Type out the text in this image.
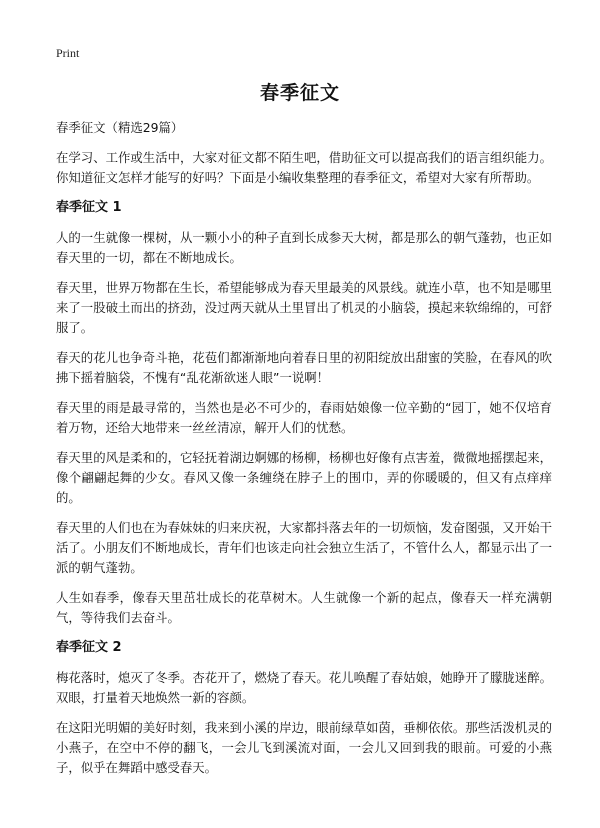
Print
春季征文

春季征文（精选29篇）

在学习、工作或生活中，大家对征文都不陌生吧，借助征文可以提高我们的语言组织能力。你知道征文怎样才能写的好吗？下面是小编收集整理的春季征文，希望对大家有所帮助。

春季征文 1

人的一生就像一棵树，从一颗小小的种子直到长成参天大树，都是那么的朝气蓬勃，也正如春天里的一切，都在不断地成长。

春天里，世界万物都在生长，希望能够成为春天里最美的风景线。就连小草，也不知是哪里来了一股破土而出的挤劲，没过两天就从土里冒出了机灵的小脑袋，摸起来软绵绵的，可舒服了。

春天的花儿也争奇斗艳，花苞们都渐渐地向着春日里的初阳绽放出甜蜜的笑脸，在春风的吹拂下摇着脑袋，不愧有“乱花渐欲迷人眼”一说啊！

春天里的雨是最寻常的，当然也是必不可少的，春雨姑娘像一位辛勤的“园丁，她不仅培育着万物，还给大地带来一丝丝清凉，解开人们的忧愁。

春天里的风是柔和的，它轻抚着湖边婀娜的杨柳，杨柳也好像有点害羞，微微地摇摆起来，像个翩翩起舞的少女。春风又像一条缠绕在脖子上的围巾，弄的你暖暖的，但又有点痒痒的。

春天里的人们也在为春妹妹的归来庆祝，大家都抖落去年的一切烦恼，发奋图强，又开始干活了。小朋友们不断地成长，青年们也该走向社会独立生活了，不管什么人，都显示出了一派的朝气蓬勃。

人生如春季，像春天里茁壮成长的花草树木。人生就像一个新的起点，像春天一样充满朝气，等待我们去奋斗。

春季征文 2

梅花落时，熄灭了冬季。杏花开了，燃烧了春天。花儿唤醒了春姑娘，她睁开了朦胧迷醉。双眼，打量着天地焕然一新的容颜。

在这阳光明媚的美好时刻，我来到小溪的岸边，眼前绿草如茵，垂柳依依。那些活泼机灵的小燕子，在空中不停的翻飞，一会儿飞到溪流对面，一会儿又回到我的眼前。可爱的小燕子，似乎在舞蹈中感受春天。
